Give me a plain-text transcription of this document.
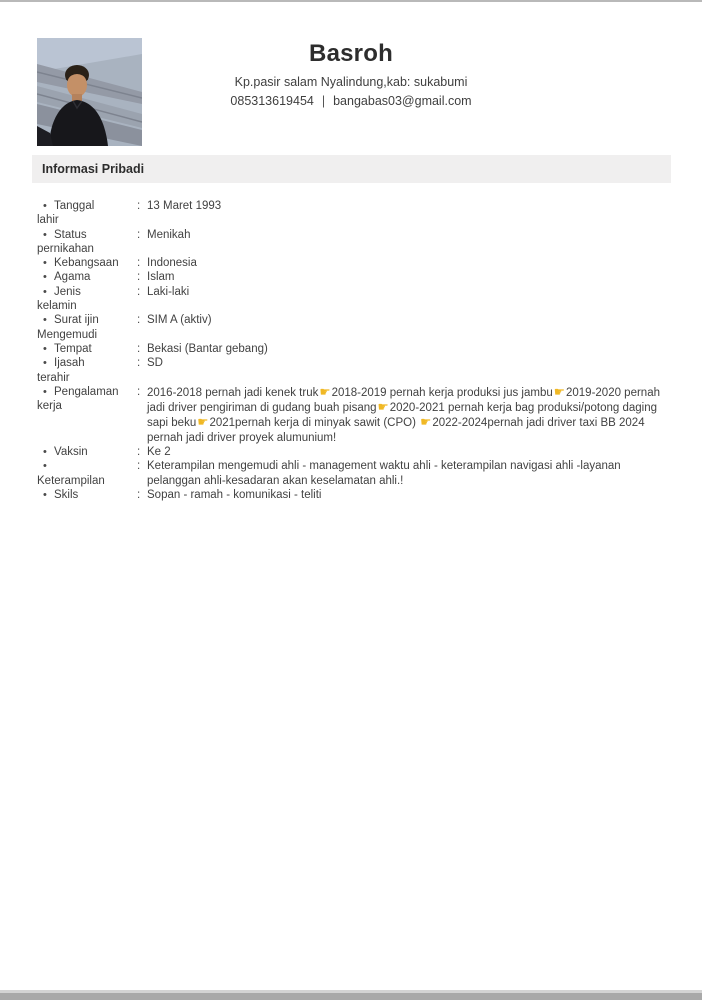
Basroh
Kp.pasir salam Nyalindung,kab: sukabumi
085313619454 | bangabas03@gmail.com
Informasi Pribadi
• Tanggal
lahir
: 13 Maret 1993
• Status
pernikahan
: Menikah
• Kebangsaan	: Indonesia
• Agama	: Islam
• Jenis
kelamin
: Laki-laki
• Surat ijin
Mengemudi
: SIM A (aktiv)
• Tempat	: Bekasi (Bantar gebang)
• Ijasah
terahir
: SD
• Pengalaman
kerja
: 2016-2018 pernah jadi kenek truk☛2018-2019 pernah kerja produksi jus jambu☛2019-2020 pernah jadi driver pengiriman di gudang buah pisang☛2020-2021 pernah kerja bag produksi/potong daging sapi beku☛2021pernah kerja di minyak sawit (CPO) ☛2022-2024pernah jadi driver taxi BB 2024 pernah jadi driver proyek alumunium!
• Vaksin	: Ke 2
•
Keterampilan
: Keterampilan mengemudi ahli - management waktu ahli - keterampilan navigasi ahli -layanan pelanggan ahli-kesadaran akan keselamatan ahli.!
• Skils	: Sopan - ramah - komunikasi - teliti
